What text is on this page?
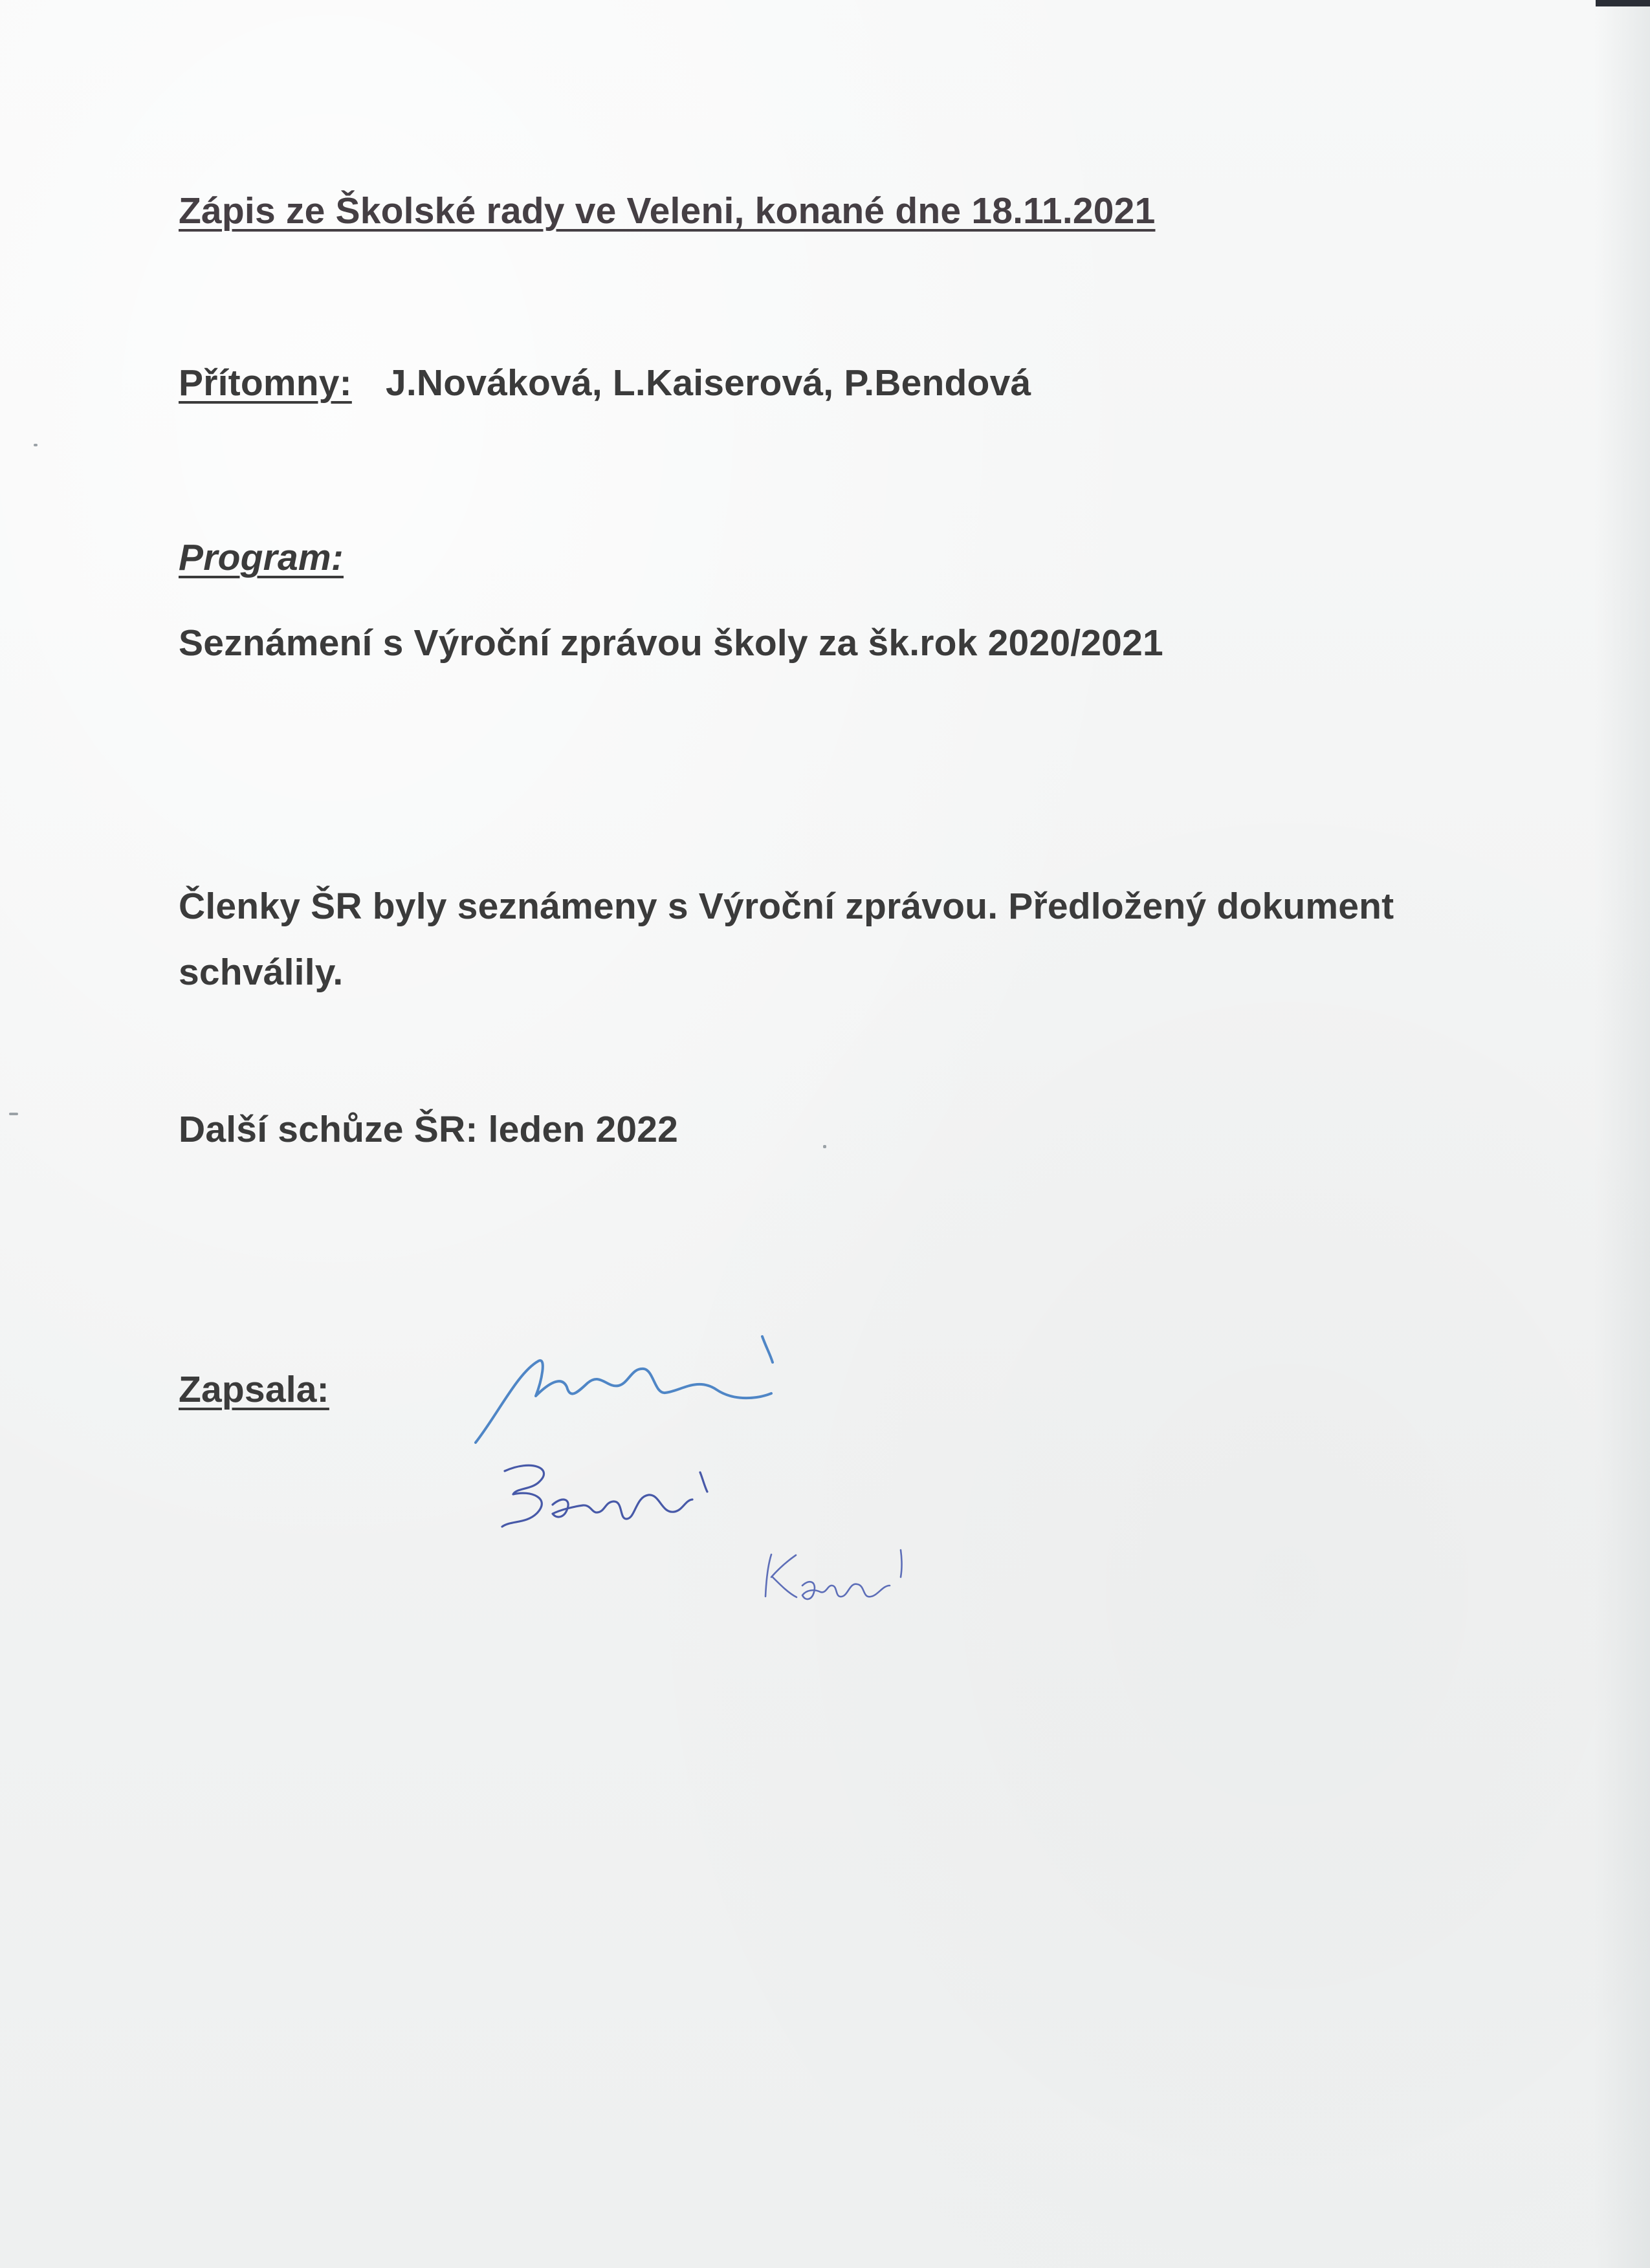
Zápis ze Školské rady ve Veleni, konané dne 18.11.2021
Přítomny: J.Nováková, L.Kaiserová, P.Bendová
Program:
Seznámení s Výroční zprávou školy za šk.rok 2020/2021

Členky ŠR byly seznámeny s Výroční zprávou. Předložený dokument schválily.

Další schůze ŠR: leden 2022
Zapsala:
